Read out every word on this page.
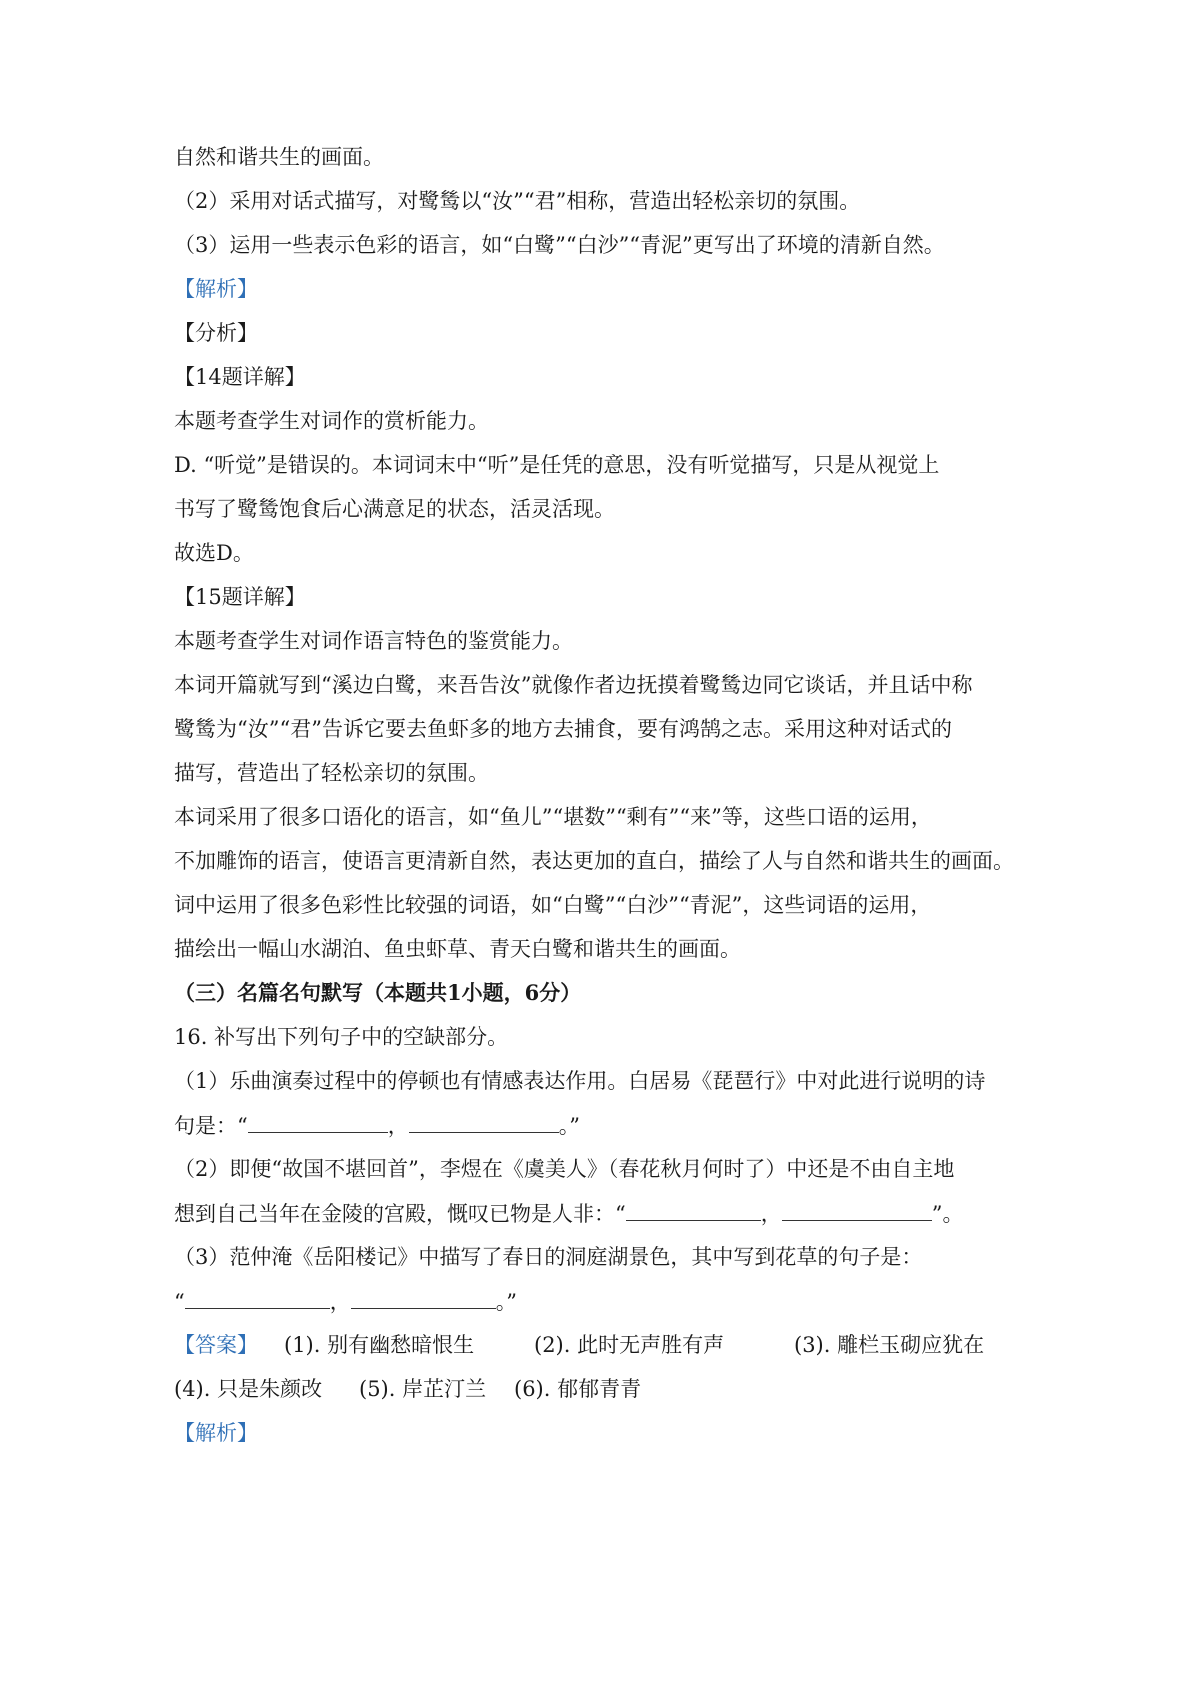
自然和谐共生的画面。
（2）采用对话式描写，对鹭鸶以“汝”“君”相称，营造出轻松亲切的氛围。
（3）运用一些表示色彩的语言，如“白鹭”“白沙”“青泥”更写出了环境的清新自然。
【解析】
【分析】
【14题详解】
本题考查学生对词作的赏析能力。
D. “听觉”是错误的。本词词末中“听”是任凭的意思，没有听觉描写，只是从视觉上
书写了鹭鸶饱食后心满意足的状态，活灵活现。
故选D。
【15题详解】
本题考查学生对词作语言特色的鉴赏能力。
本词开篇就写到“溪边白鹭，来吾告汝”就像作者边抚摸着鹭鸶边同它谈话，并且话中称
鹭鸶为“汝”“君”告诉它要去鱼虾多的地方去捕食，要有鸿鹄之志。采用这种对话式的
描写，营造出了轻松亲切的氛围。
本词采用了很多口语化的语言，如“鱼儿”“堪数”“剩有”“来”等，这些口语的运用，
不加雕饰的语言，使语言更清新自然，表达更加的直白，描绘了人与自然和谐共生的画面。
词中运用了很多色彩性比较强的词语，如“白鹭”“白沙”“青泥”，这些词语的运用，
描绘出一幅山水湖泊、鱼虫虾草、青天白鹭和谐共生的画面。
（三）名篇名句默写（本题共1小题，6分）
16. 补写出下列句子中的空缺部分。
（1）乐曲演奏过程中的停顿也有情感表达作用。白居易《琵琶行》中对此进行说明的诗
句是：“	，	。”
（2）即便“故国不堪回首”，李煜在《虞美人》（春花秋月何时了）中还是不由自主地
想到自己当年在金陵的宫殿，慨叹已物是人非：“	，	”。
（3）范仲淹《岳阳楼记》中描写了春日的洞庭湖景色，其中写到花草的句子是：
“	，	。”
【答案】 (1). 别有幽愁暗恨生	(2). 此时无声胜有声	(3). 雕栏玉砌应犹在
(4). 只是朱颜改 (5). 岸芷汀兰 (6). 郁郁青青
【解析】
